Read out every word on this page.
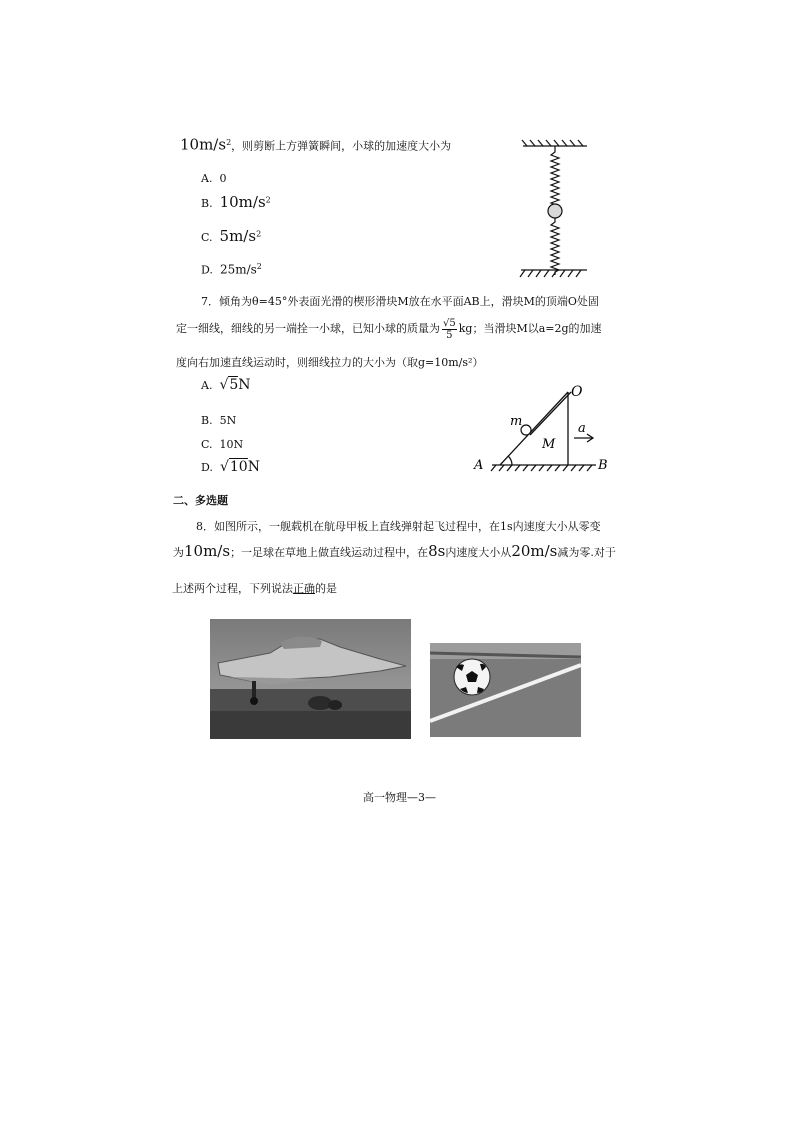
$10m/s^2$，则剪断上方弹簧瞬间，小球的加速度大小为
A. 0
B. $10m/s^2$
C. $5m/s^2$
D. $25m/s^2$
7．倾角为θ=45°外表面光滑的楔形滑块M放在水平面AB上，滑块M的顶端O处固
定一细线，细线的另一端拴一小球，已知小球的质量为 $\frac{√5}{5}$ kg；当滑块M以a=2g的加速
度向右加速直线运动时，则细线拉力的大小为（取g=10m/s²）
A. √5N
B. 5N
C. 10N
D. √10N
O
m
M
a
A	B
二、多选题
8．如图所示，一舰载机在航母甲板上直线弹射起飞过程中，在1s内速度大小从零变
为10m/s；一足球在草地上做直线运动过程中，在8s内速度大小从20m/s减为零.对于
上述两个过程，下列说法正确的是
高一物理—3—
